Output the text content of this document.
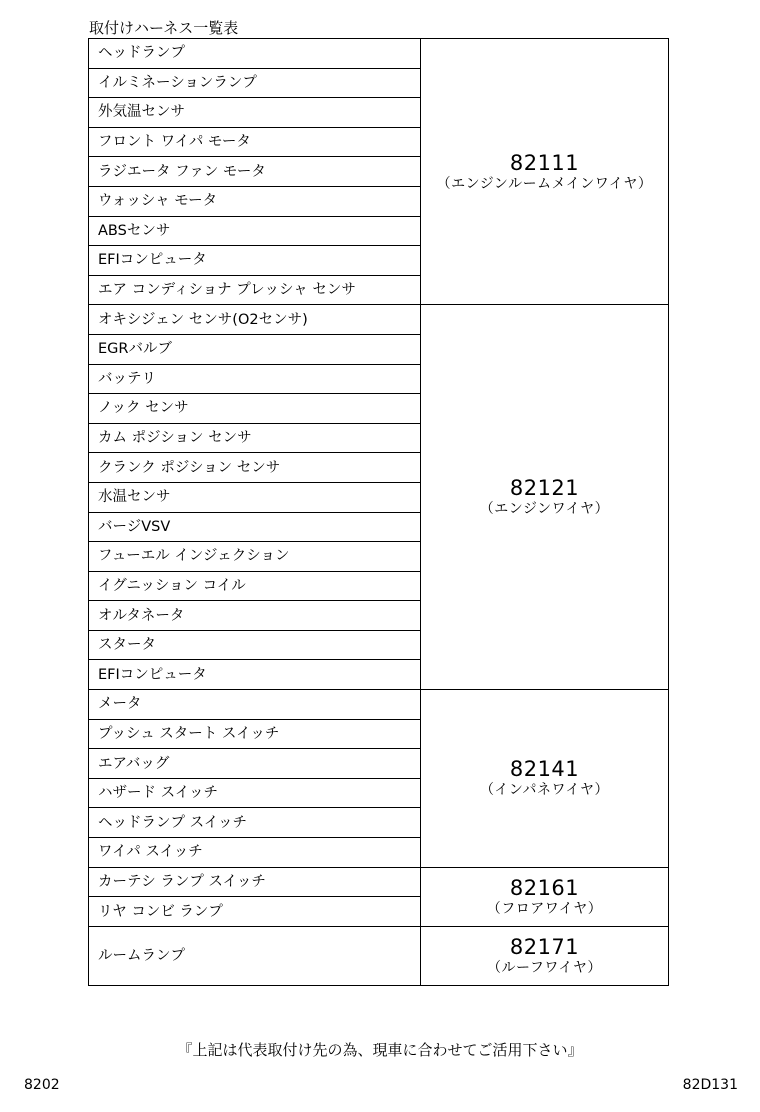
取付けハーネス一覧表
ヘッドランプ	82111
（エンジンルームメインワイヤ）

イルミネーションランプ	
外気温センサ	
フロント ワイパ モータ	
ラジエータ ファン モータ	
ウォッシャ モータ	
ABSセンサ	
EFIコンピュータ	
エア コンディショナ プレッシャ センサ	
オキシジェン センサ(O2センサ)	82121
（エンジンワイヤ）

EGRバルブ	
バッテリ	
ノック センサ	
カム ポジション センサ	
クランク ポジション センサ	
水温センサ	
バージVSV	
フューエル インジェクション	
イグニッション コイル	
オルタネータ	
スタータ	
EFIコンピュータ	
メータ	82141
（インパネワイヤ）

プッシュ スタート スイッチ	
エアバッグ	
ハザード スイッチ	
ヘッドランプ スイッチ	
ワイパ スイッチ	
カーテシ ランプ スイッチ	82161
（フロアワイヤ）

リヤ コンビ ランプ	
ルームランプ	82171
（ルーフワイヤ）
『上記は代表取付け先の為、現車に合わせてご活用下さい』
8202	82D131
